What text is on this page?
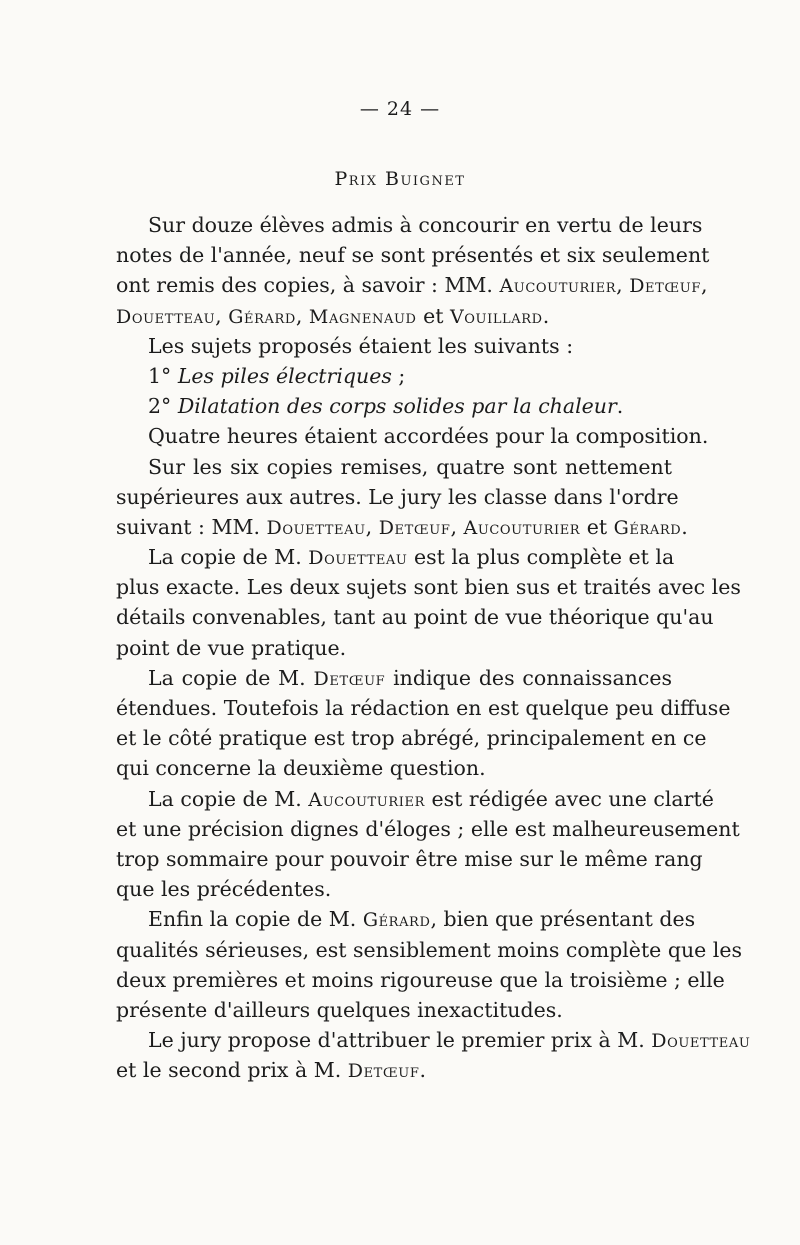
— 24 —
Prix Buignet
Sur douze élèves admis à concourir en vertu de leurs
notes de l'année, neuf se sont présentés et six seulement
ont remis des copies, à savoir : MM. Aucouturier, Detœuf,
Douetteau, Gérard, Magnenaud et Vouillard.
Les sujets proposés étaient les suivants :
1° Les piles électriques ;
2° Dilatation des corps solides par la chaleur.
Quatre heures étaient accordées pour la composition.
Sur les six copies remises, quatre sont nettement
supérieures aux autres. Le jury les classe dans l'ordre
suivant : MM. Douetteau, Detœuf, Aucouturier et Gérard.
La copie de M. Douetteau est la plus complète et la
plus exacte. Les deux sujets sont bien sus et traités avec les
détails convenables, tant au point de vue théorique qu'au
point de vue pratique.
La copie de M. Detœuf indique des connaissances
étendues. Toutefois la rédaction en est quelque peu diffuse
et le côté pratique est trop abrégé, principalement en ce
qui concerne la deuxième question.
La copie de M. Aucouturier est rédigée avec une clarté
et une précision dignes d'éloges ; elle est malheureusement
trop sommaire pour pouvoir être mise sur le même rang
que les précédentes.
Enfin la copie de M. Gérard, bien que présentant des
qualités sérieuses, est sensiblement moins complète que les
deux premières et moins rigoureuse que la troisième ; elle
présente d'ailleurs quelques inexactitudes.
Le jury propose d'attribuer le premier prix à M. Douetteau
et le second prix à M. Detœuf.
